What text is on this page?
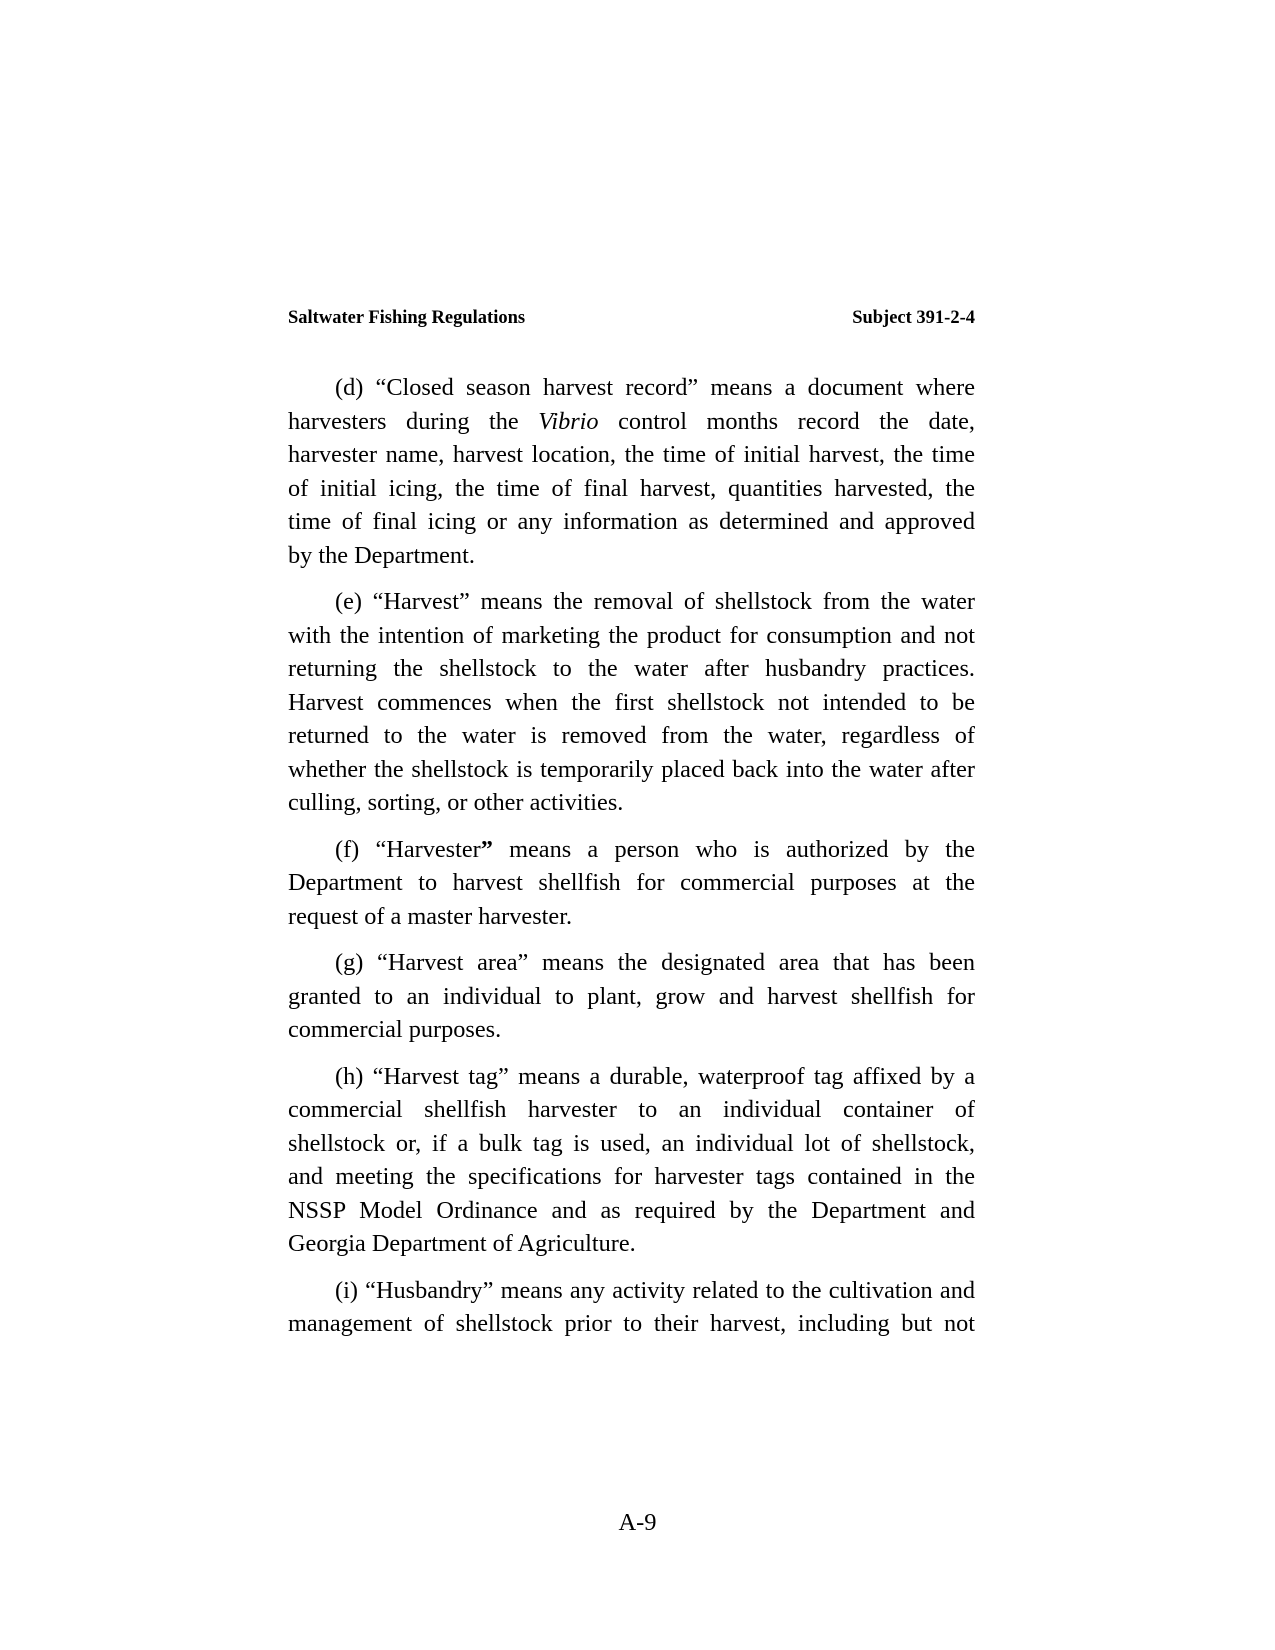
Saltwater Fishing Regulations	Subject 391-2-4
(d) “Closed season harvest record” means a document where
harvesters during the Vibrio control months record the date,
harvester name, harvest location, the time of initial harvest, the time
of initial icing, the time of final harvest, quantities harvested, the
time of final icing or any information as determined and approved
by the Department.
(e) “Harvest” means the removal of shellstock from the water
with the intention of marketing the product for consumption and not
returning the shellstock to the water after husbandry practices.
Harvest commences when the first shellstock not intended to be
returned to the water is removed from the water, regardless of
whether the shellstock is temporarily placed back into the water after
culling, sorting, or other activities.
(f) “Harvester” means a person who is authorized by the
Department to harvest shellfish for commercial purposes at the
request of a master harvester.
(g) “Harvest area” means the designated area that has been
granted to an individual to plant, grow and harvest shellfish for
commercial purposes.
(h) “Harvest tag” means a durable, waterproof tag affixed by a
commercial shellfish harvester to an individual container of
shellstock or, if a bulk tag is used, an individual lot of shellstock,
and meeting the specifications for harvester tags contained in the
NSSP Model Ordinance and as required by the Department and
Georgia Department of Agriculture.
(i) “Husbandry” means any activity related to the cultivation and
management of shellstock prior to their harvest, including but not
A-9
